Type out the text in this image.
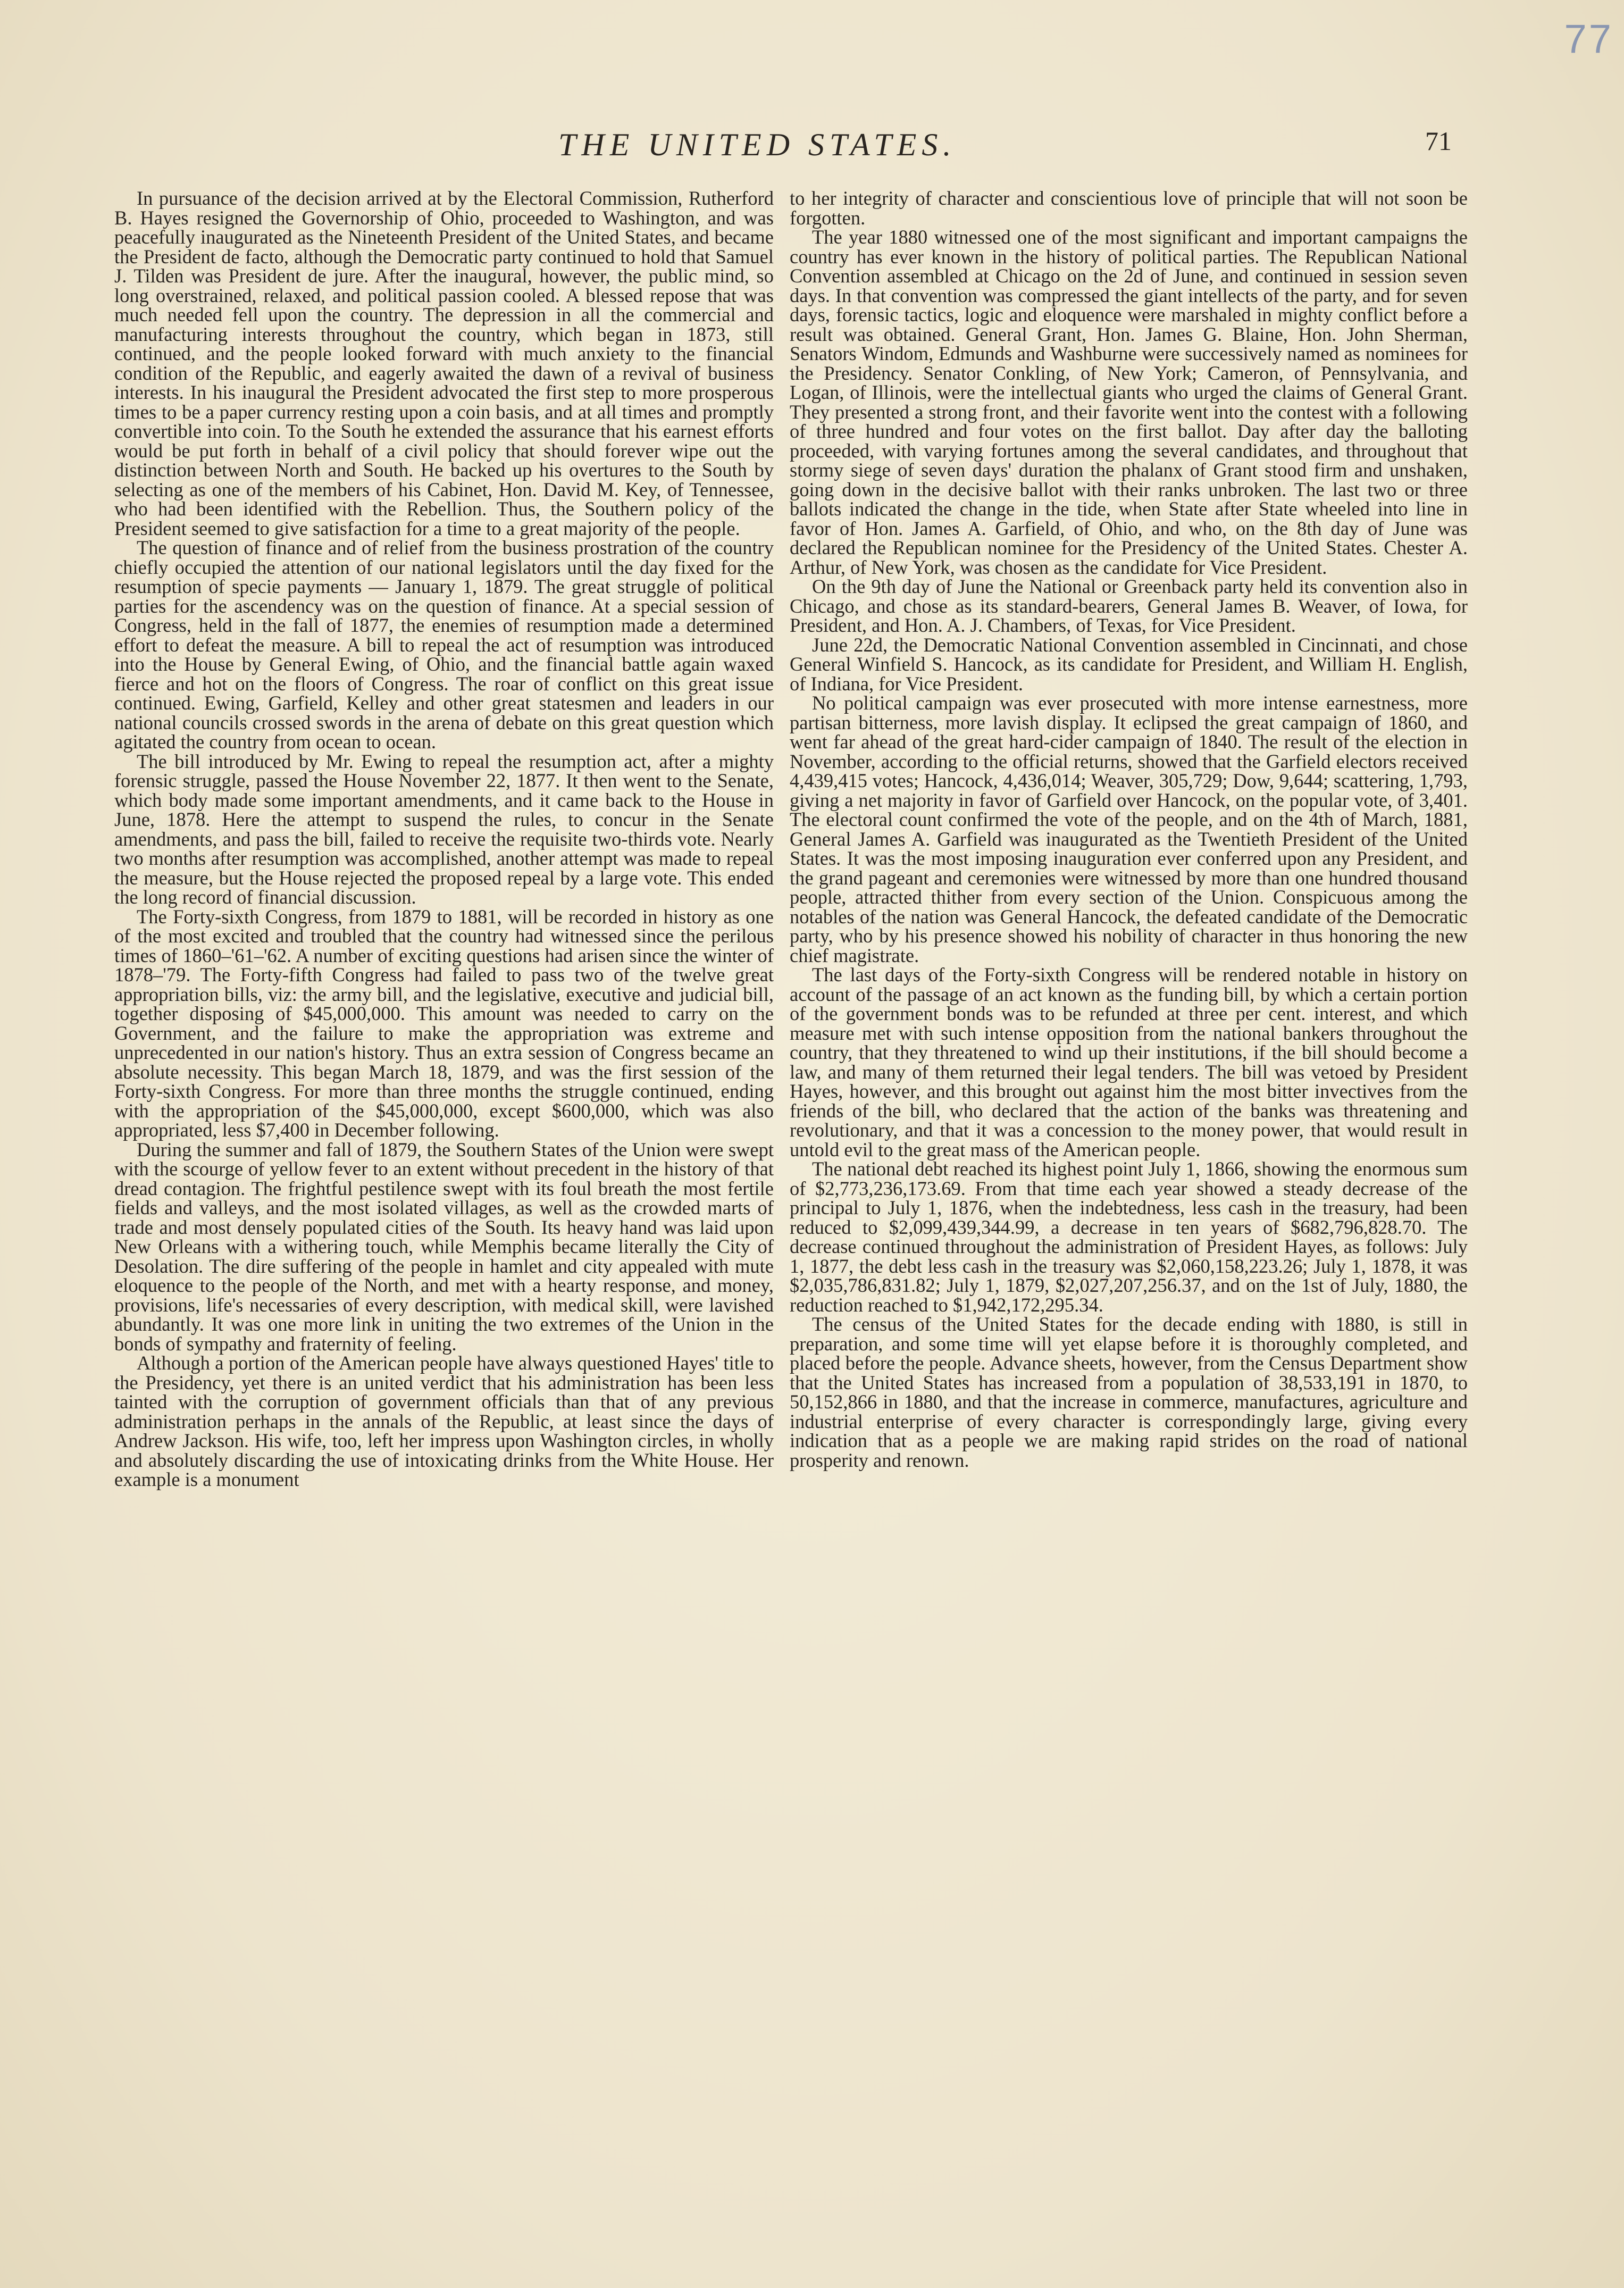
77
THE UNITED STATES.	71

In pursuance of the decision arrived at by the Electoral Commission, Rutherford B. Hayes resigned the Governorship of Ohio, proceeded to Washington, and was peacefully inaugurated as the Nineteenth President of the United States, and became the President de facto, although the Democratic party continued to hold that Samuel J. Tilden was President de jure. After the inaugural, however, the public mind, so long overstrained, relaxed, and political passion cooled. A blessed repose that was much needed fell upon the country. The depression in all the commercial and manufacturing interests throughout the country, which began in 1873, still continued, and the people looked forward with much anxiety to the financial condition of the Republic, and eagerly awaited the dawn of a revival of business interests. In his inaugural the President advocated the first step to more prosperous times to be a paper currency resting upon a coin basis, and at all times and promptly convertible into coin. To the South he extended the assurance that his earnest efforts would be put forth in behalf of a civil policy that should forever wipe out the distinction between North and South. He backed up his overtures to the South by selecting as one of the members of his Cabinet, Hon. David M. Key, of Tennessee, who had been identified with the Rebellion. Thus, the Southern policy of the President seemed to give satisfaction for a time to a great majority of the people.

The question of finance and of relief from the business prostration of the country chiefly occupied the attention of our national legislators until the day fixed for the resumption of specie payments — January 1, 1879. The great struggle of political parties for the ascendency was on the question of finance. At a special session of Congress, held in the fall of 1877, the enemies of resumption made a determined effort to defeat the measure. A bill to repeal the act of resumption was introduced into the House by General Ewing, of Ohio, and the financial battle again waxed fierce and hot on the floors of Congress. The roar of conflict on this great issue continued. Ewing, Garfield, Kelley and other great statesmen and leaders in our national councils crossed swords in the arena of debate on this great question which agitated the country from ocean to ocean.

The bill introduced by Mr. Ewing to repeal the resumption act, after a mighty forensic struggle, passed the House November 22, 1877. It then went to the Senate, which body made some important amendments, and it came back to the House in June, 1878. Here the attempt to suspend the rules, to concur in the Senate amendments, and pass the bill, failed to receive the requisite two-thirds vote. Nearly two months after resumption was accomplished, another attempt was made to repeal the measure, but the House rejected the proposed repeal by a large vote. This ended the long record of financial discussion.

The Forty-sixth Congress, from 1879 to 1881, will be recorded in history as one of the most excited and troubled that the country had witnessed since the perilous times of 1860–'61–'62. A number of exciting questions had arisen since the winter of 1878–'79. The Forty-fifth Congress had failed to pass two of the twelve great appropriation bills, viz: the army bill, and the legislative, executive and judicial bill, together disposing of $45,000,000. This amount was needed to carry on the Government, and the failure to make the appropriation was extreme and unprecedented in our nation's history. Thus an extra session of Congress became an absolute necessity. This began March 18, 1879, and was the first session of the Forty-sixth Congress. For more than three months the struggle continued, ending with the appropriation of the $45,000,000, except $600,000, which was also appropriated, less $7,400 in December following.

During the summer and fall of 1879, the Southern States of the Union were swept with the scourge of yellow fever to an extent without precedent in the history of that dread contagion. The frightful pestilence swept with its foul breath the most fertile fields and valleys, and the most isolated villages, as well as the crowded marts of trade and most densely populated cities of the South. Its heavy hand was laid upon New Orleans with a withering touch, while Memphis became literally the City of Desolation. The dire suffering of the people in hamlet and city appealed with mute eloquence to the people of the North, and met with a hearty response, and money, provisions, life's necessaries of every description, with medical skill, were lavished abundantly. It was one more link in uniting the two extremes of the Union in the bonds of sympathy and fraternity of feeling.

Although a portion of the American people have always questioned Hayes' title to the Presidency, yet there is an united verdict that his administration has been less tainted with the corruption of government officials than that of any previous administration perhaps in the annals of the Republic, at least since the days of Andrew Jackson. His wife, too, left her impress upon Washington circles, in wholly and absolutely discarding the use of intoxicating drinks from the White House. Her example is a monument

to her integrity of character and conscientious love of principle that will not soon be forgotten.

The year 1880 witnessed one of the most significant and important campaigns the country has ever known in the history of political parties. The Republican National Convention assembled at Chicago on the 2d of June, and continued in session seven days. In that convention was compressed the giant intellects of the party, and for seven days, forensic tactics, logic and eloquence were marshaled in mighty conflict before a result was obtained. General Grant, Hon. James G. Blaine, Hon. John Sherman, Senators Windom, Edmunds and Washburne were successively named as nominees for the Presidency. Senator Conkling, of New York; Cameron, of Pennsylvania, and Logan, of Illinois, were the intellectual giants who urged the claims of General Grant. They presented a strong front, and their favorite went into the contest with a following of three hundred and four votes on the first ballot. Day after day the balloting proceeded, with varying fortunes among the several candidates, and throughout that stormy siege of seven days' duration the phalanx of Grant stood firm and unshaken, going down in the decisive ballot with their ranks unbroken. The last two or three ballots indicated the change in the tide, when State after State wheeled into line in favor of Hon. James A. Garfield, of Ohio, and who, on the 8th day of June was declared the Republican nominee for the Presidency of the United States. Chester A. Arthur, of New York, was chosen as the candidate for Vice President.

On the 9th day of June the National or Greenback party held its convention also in Chicago, and chose as its standard-bearers, General James B. Weaver, of Iowa, for President, and Hon. A. J. Chambers, of Texas, for Vice President.

June 22d, the Democratic National Convention assembled in Cincinnati, and chose General Winfield S. Hancock, as its candidate for President, and William H. English, of Indiana, for Vice President.

No political campaign was ever prosecuted with more intense earnestness, more partisan bitterness, more lavish display. It eclipsed the great campaign of 1860, and went far ahead of the great hard-cider campaign of 1840. The result of the election in November, according to the official returns, showed that the Garfield electors received 4,439,415 votes; Hancock, 4,436,014; Weaver, 305,729; Dow, 9,644; scattering, 1,793, giving a net majority in favor of Garfield over Hancock, on the popular vote, of 3,401. The electoral count confirmed the vote of the people, and on the 4th of March, 1881, General James A. Garfield was inaugurated as the Twentieth President of the United States. It was the most imposing inauguration ever conferred upon any President, and the grand pageant and ceremonies were witnessed by more than one hundred thousand people, attracted thither from every section of the Union. Conspicuous among the notables of the nation was General Hancock, the defeated candidate of the Democratic party, who by his presence showed his nobility of character in thus honoring the new chief magistrate.

The last days of the Forty-sixth Congress will be rendered notable in history on account of the passage of an act known as the funding bill, by which a certain portion of the government bonds was to be refunded at three per cent. interest, and which measure met with such intense opposition from the national bankers throughout the country, that they threatened to wind up their institutions, if the bill should become a law, and many of them returned their legal tenders. The bill was vetoed by President Hayes, however, and this brought out against him the most bitter invectives from the friends of the bill, who declared that the action of the banks was threatening and revolutionary, and that it was a concession to the money power, that would result in untold evil to the great mass of the American people.

The national debt reached its highest point July 1, 1866, showing the enormous sum of $2,773,236,173.69. From that time each year showed a steady decrease of the principal to July 1, 1876, when the indebtedness, less cash in the treasury, had been reduced to $2,099,439,344.99, a decrease in ten years of $682,796,828.70. The decrease continued throughout the administration of President Hayes, as follows: July 1, 1877, the debt less cash in the treasury was $2,060,158,223.26; July 1, 1878, it was $2,035,786,831.82; July 1, 1879, $2,027,207,256.37, and on the 1st of July, 1880, the reduction reached to $1,942,172,295.34.

The census of the United States for the decade ending with 1880, is still in preparation, and some time will yet elapse before it is thoroughly completed, and placed before the people. Advance sheets, however, from the Census Department show that the United States has increased from a population of 38,533,191 in 1870, to 50,152,866 in 1880, and that the increase in commerce, manufactures, agriculture and industrial enterprise of every character is correspondingly large, giving every indication that as a people we are making rapid strides on the road of national prosperity and renown.
